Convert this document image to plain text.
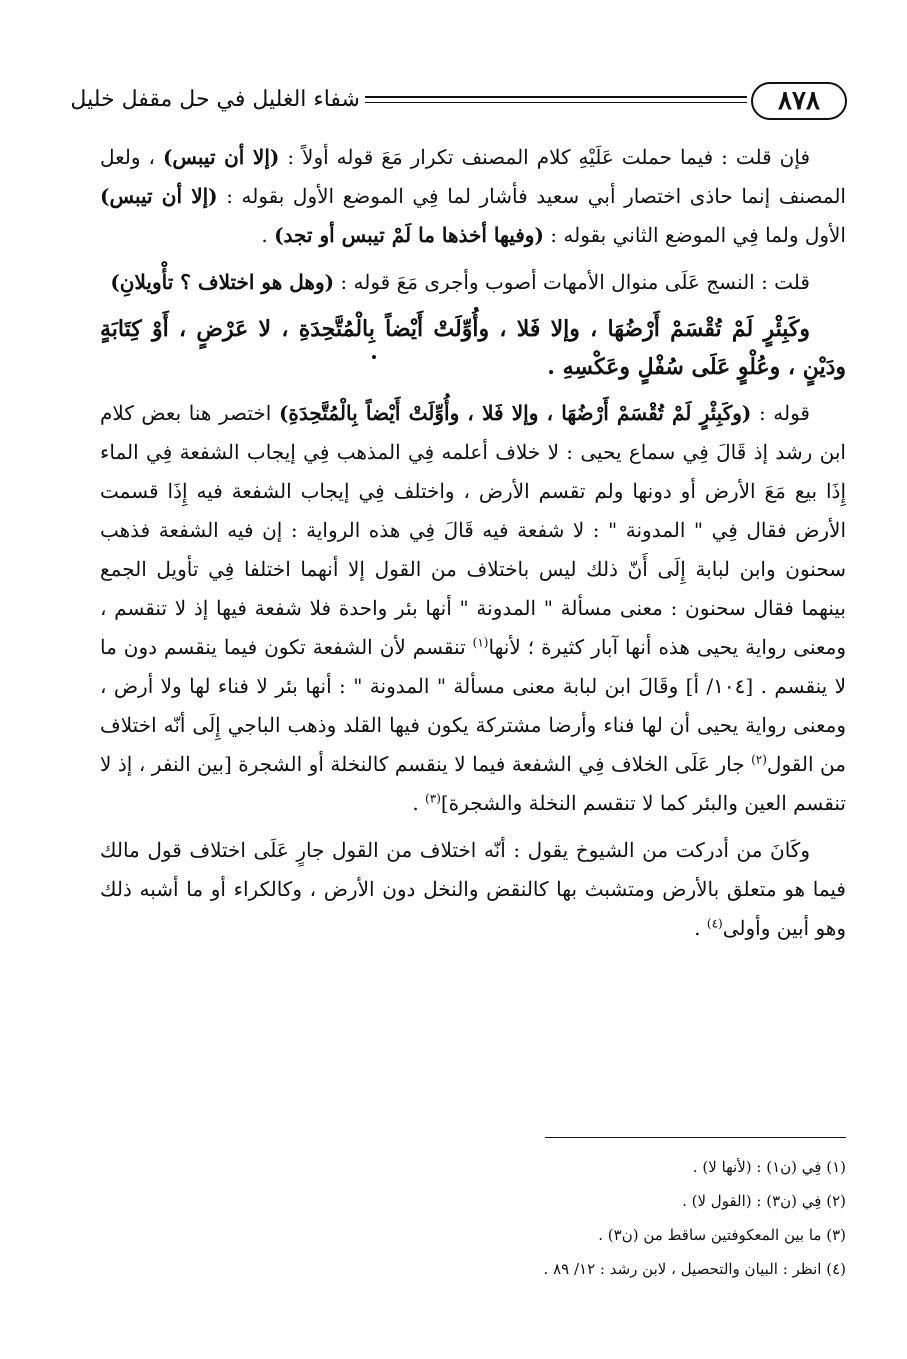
٨٧٨
شفاء الغليل في حل مقفل خليل

فإن قلت : فيما حملت عَلَيْهِ كلام المصنف تكرار مَعَ قوله أولاً : (إلا أن تيبس) ، ولعل المصنف إنما حاذى اختصار أبي سعيد فأشار لما فِي الموضع الأول بقوله : (إلا أن تيبس) الأول ولما فِي الموضع الثاني بقوله : (وفيها أخذها ما لَمْ تيبس أو تجد) .

قلت : النسج عَلَى منوال الأمهات أصوب وأجرى مَعَ قوله : (وهل هو اختلاف ؟ تأْويلانِ)

وكَبِئْرٍ لَمْ تُقْسَمْ أَرْضُهَا ، وإلا فَلا ، وأُوِّلَتْ أَيْضاً بِالْمُتَّحِدَةِ ، لا عَرْضٍ ، أَوْ كِتَابَةٍ ودَيْنٍ ، وعُلْوٍ عَلَى سُفْلٍ وعَكْسِهِ .

قوله : (وكَبِئْرٍ لَمْ تُقْسَمْ أَرْضُهَا ، وإلا فَلا ، وأُوِّلَتْ أَيْضاً بِالْمُتَّحِدَةِ) اختصر هنا بعض كلام ابن رشد إذ قَالَ فِي سماع يحيى : لا خلاف أعلمه فِي المذهب فِي إيجاب الشفعة فِي الماء إِذَا بيع مَعَ الأرض أو دونها ولم تقسم الأرض ، واختلف فِي إيجاب الشفعة فيه إِذَا قسمت الأرض فقال فِي " المدونة " : لا شفعة فيه قَالَ فِي هذه الرواية : إن فيه الشفعة فذهب سحنون وابن لبابة إِلَى أَنّ ذلك ليس باختلاف من القول إلا أنهما اختلفا فِي تأويل الجمع بينهما فقال سحنون : معنى مسألة " المدونة " أنها بئر واحدة فلا شفعة فيها إذ لا تنقسم ، ومعنى رواية يحيى هذه أنها آبار كثيرة ؛ لأنها$^{(١)}$ تنقسم لأن الشفعة تكون فيما ينقسم دون ما لا ينقسم . [١٠٤/ أ] وقَالَ ابن لبابة معنى مسألة " المدونة " : أنها بئر لا فناء لها ولا أرض ، ومعنى رواية يحيى أن لها فناء وأرضا مشتركة يكون فيها القلد وذهب الباجي إِلَى أنّه اختلاف من القول$^{(٢)}$ جار عَلَى الخلاف فِي الشفعة فيما لا ينقسم كالنخلة أو الشجرة [بين النفر ، إذ لا تنقسم العين والبئر كما لا تنقسم النخلة والشجرة]$^{(٣)}$ .

وكَانَ من أدركت من الشيوخ يقول : أنّه اختلاف من القول جارٍ عَلَى اختلاف قول مالك فيما هو متعلق بالأرض ومتشبث بها كالنقض والنخل دون الأرض ، وكالكراء أو ما أشبه ذلك وهو أبين وأولى$^{(٤)}$ .

(١) فِي (ن١) : (لأنها لا) .

(٢) فِي (ن٣) : (القول لا) .

(٣) ما بين المعكوفتين ساقط من (ن٣) .

(٤) انظر : البيان والتحصيل ، لابن رشد : ١٢/ ٨٩ .
